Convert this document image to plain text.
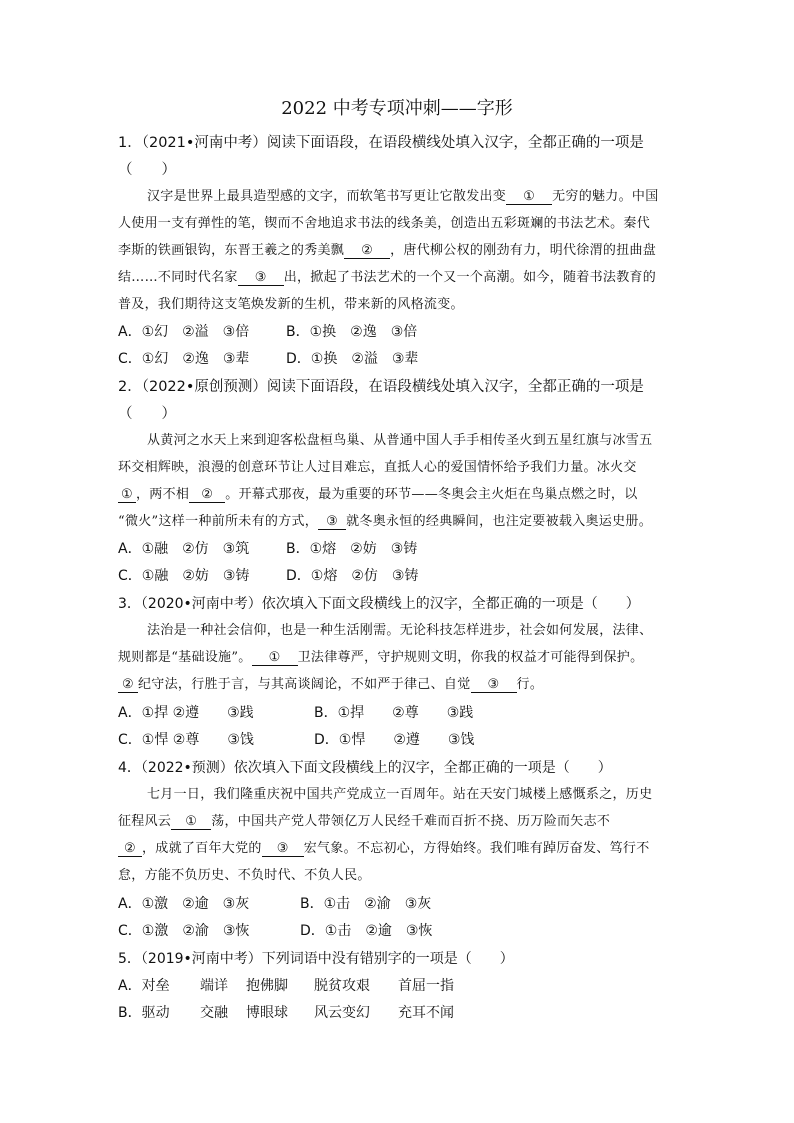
2022 中考专项冲刺——字形
1．（2021•河南中考）阅读下面语段，在语段横线处填入汉字，全都正确的一项是
（　　）
汉字是世界上最具造型感的文字，而软笔书写更让它散发出变 ① 无穷的魅力。中国
人使用一支有弹性的笔，锲而不舍地追求书法的线条美，创造出五彩斑斓的书法艺术。秦代
李斯的铁画银钩，东晋王羲之的秀美飘 ② ，唐代柳公权的刚劲有力，明代徐渭的扭曲盘
结……不同时代名家 ③ 出，掀起了书法艺术的一个又一个高潮。如今，随着书法教育的
普及，我们期待这支笔焕发新的生机，带来新的风格流变。
A．①幻　②溢　③倍	B．①换　②逸　③倍
C．①幻　②逸　③辈	D．①换　②溢　③辈
2．（2022•原创预测）阅读下面语段，在语段横线处填入汉字，全都正确的一项是
（　　）
从黄河之水天上来到迎客松盘桓鸟巢、从普通中国人手手相传圣火到五星红旗与冰雪五
环交相辉映，浪漫的创意环节让人过目难忘，直抵人心的爱国情怀给予我们力量。冰火交
① ，两不相 ② 。开幕式那夜，最为重要的环节——冬奥会主火炬在鸟巢点燃之时，以
“微火”这样一种前所未有的方式， ③ 就冬奥永恒的经典瞬间，也注定要被载入奥运史册。
A．①融　②仿　③筑	B．①熔　②妨　③铸
C．①融　②妨　③铸	D．①熔　②仿　③铸
3．（2020•河南中考）依次填入下面文段横线上的汉字，全都正确的一项是（　　）
法治是一种社会信仰，也是一种生活刚需。无论科技怎样进步，社会如何发展，法律、
规则都是“基础设施”。 ① 卫法律尊严，守护规则文明，你我的权益才可能得到保护。
② 纪守法，行胜于言，与其高谈阔论，不如严于律己、自觉 ③ 行。
A．①捍 ②遵　　③践	B．①捍　　②尊　　③践
C．①悍 ②尊　　③饯	D．①悍　　②遵　　③饯
4．（2022•预测）依次填入下面文段横线上的汉字，全都正确的一项是（　　）
七月一日，我们隆重庆祝中国共产党成立一百周年。站在天安门城楼上感慨系之，历史
征程风云 ① 荡，中国共产党人带领亿万人民经千难而百折不挠、历万险而矢志不
② ，成就了百年大党的 ③ 宏气象。不忘初心，方得始终。我们唯有踔厉奋发、笃行不
怠，方能不负历史、不负时代、不负人民。
A．①激　②逾　③灰	B．①击　②渝　③灰
C．①激　②渝　③恢	D．①击　②逾　③恢
5．（2019•河南中考）下列词语中没有错别字的一项是（　　）
A．对垒 端详 抱佛脚 脱贫攻艰 首屈一指
B．驱动 交融 博眼球 风云变幻 充耳不闻
